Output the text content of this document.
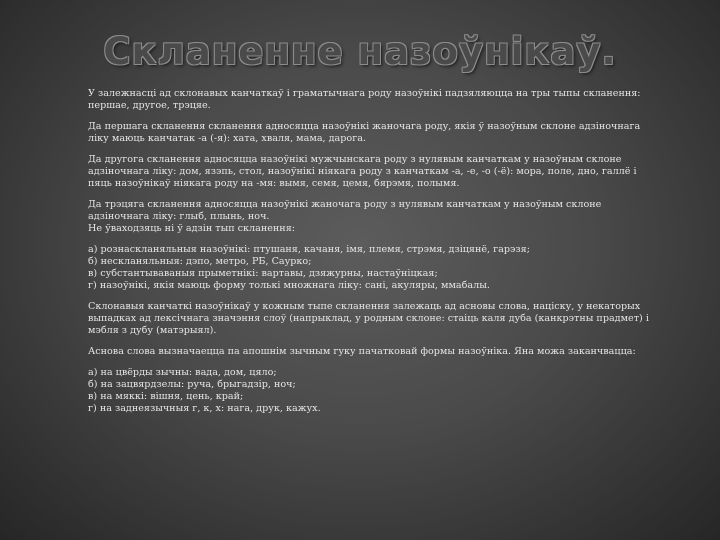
Скланенне назоўнікаў.

У залежнасці ад склонавых канчаткаў і граматычнага роду назоўнікі падзяляюцца на тры тыпы скланення: першае, другое, трэцяе.

Да першага скланення скланення адносяцца назоўнікі жаночага роду, якія ў назоўным склоне адзіночнага ліку маюць канчатак -а (-я): хата, хваля, мама, дарога.

Да другога скланення адносяцца назоўнікі мужчынскага роду з нулявым канчаткам у назоўным склоне адзіночнага ліку: дом, язэпь, стол, назоўнікі ніякага роду з канчаткам -а, -е, -о (-ё): мора, поле, дно, галлё і пяць назоўнікаў ніякага роду на -мя: вымя, семя, цемя, бярэмя, полымя.

Да трэцяга скланення адносяцца назоўнікі жаночага роду з нулявым канчаткам у назоўным склоне адзіночнага ліку: глыб, плынь, ноч.

Не ўваходзяць ні ў адзін тып скланення:

а) рознаскланяльныя назоўнікі: птушаня, качаня, імя, племя, стрэмя, дзіцянё, гарэзя;
б) нескланяльныя: дэпо, метро, РБ, Саурко;
в) субстантываваныя прыметнікі: вартавы, дзяжурны, настаўніцкая;
г) назоўнікі, якія маюць форму толькі множнага ліку: сані, акуляры, ммабалы.

Склонавыя канчаткі назоўнікаў у кожным тыпе скланення залежаць ад асновы слова, націску, у некаторых выпадках ад лексічнага значэння слоў (напрыклад, у родным склоне: стаіць каля дуба (канкрэтны прадмет) і мэбля з дубу (матэрыял).

Аснова слова вызначаецца па апошнім зычным гуку пачатковай формы назоўніка. Яна можа заканчвацца:

а) на цвёрды зычны: вада, дом, цяло;
б) на зацвярдзелы: руча, брыгадзір, ноч;
в) на мяккі: вішня, цень, край;
г) на заднеязычныя г, к, х: нага, друк, кажух.
